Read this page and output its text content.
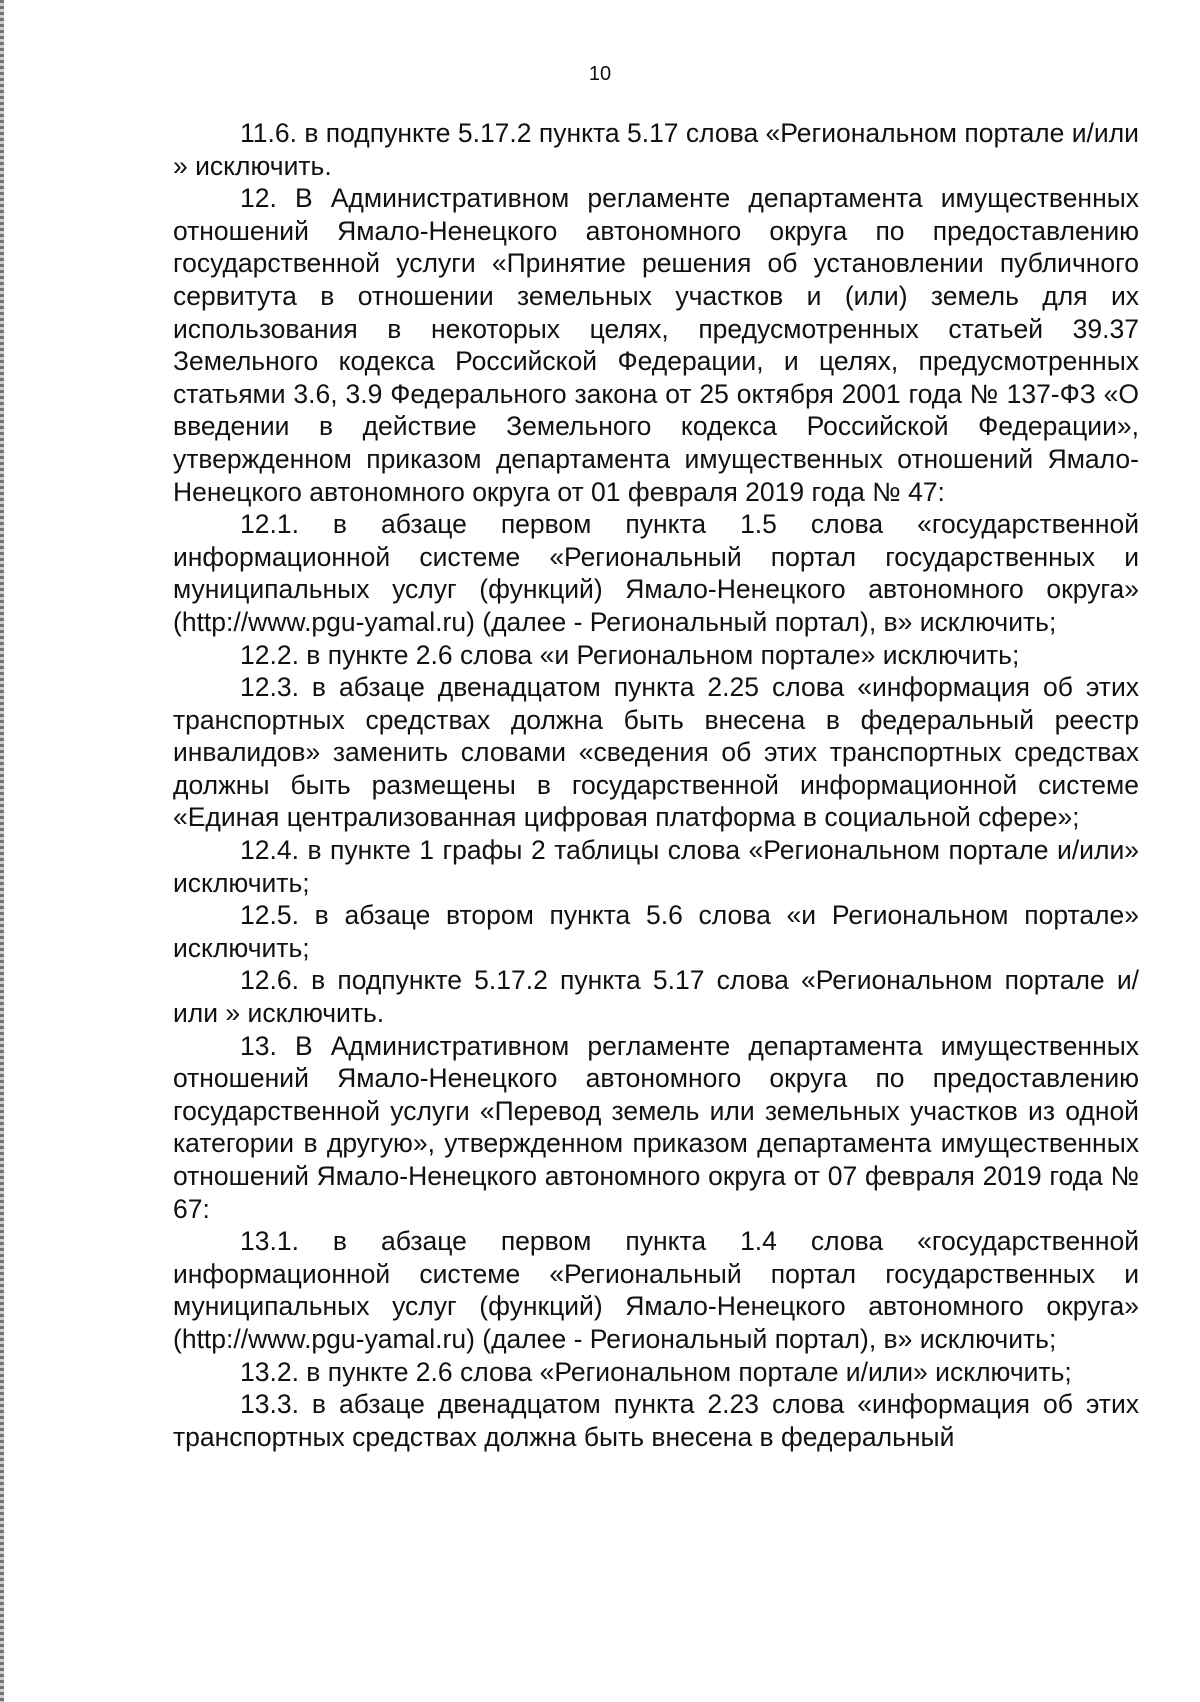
10

11.6. в подпункте 5.17.2 пункта 5.17 слова «Региональном портале и/или » исключить.

12. В Административном регламенте департамента имущественных отношений Ямало-Ненецкого автономного округа по предоставлению государственной услуги «Принятие решения об установлении публичного сервитута в отношении земельных участков и (или) земель для их использования в некоторых целях, предусмотренных статьей 39.37 Земельного кодекса Российской Федерации, и целях, предусмотренных статьями 3.6, 3.9 Федерального закона от 25 октября 2001 года № 137-ФЗ «О введении в действие Земельного кодекса Российской Федерации», утвержденном приказом департамента имущественных отношений Ямало-Ненецкого автономного округа от 01 февраля 2019 года № 47:

12.1. в абзаце первом пункта 1.5 слова «государственной информационной системе «Региональный портал государственных и муниципальных услуг (функций) Ямало-Ненецкого автономного округа» (http://www.pgu-yamal.ru) (далее - Региональный портал), в» исключить;

12.2. в пункте 2.6 слова «и Региональном портале» исключить;

12.3. в абзаце двенадцатом пункта 2.25 слова «информация об этих транспортных средствах должна быть внесена в федеральный реестр инвалидов» заменить словами «сведения об этих транспортных средствах должны быть размещены в государственной информационной системе «Единая централизованная цифровая платформа в социальной сфере»;

12.4. в пункте 1 графы 2 таблицы слова «Региональном портале и/или» исключить;

12.5. в абзаце втором пункта 5.6 слова «и Региональном портале» исключить;

12.6. в подпункте 5.17.2 пункта 5.17 слова «Региональном портале и/или » исключить.

13. В Административном регламенте департамента имущественных отношений Ямало-Ненецкого автономного округа по предоставлению государственной услуги «Перевод земель или земельных участков из одной категории в другую», утвержденном приказом департамента имущественных отношений Ямало-Ненецкого автономного округа от 07 февраля 2019 года № 67:

13.1. в абзаце первом пункта 1.4 слова «государственной информационной системе «Региональный портал государственных и муниципальных услуг (функций) Ямало-Ненецкого автономного округа» (http://www.pgu-yamal.ru) (далее - Региональный портал), в» исключить;

13.2. в пункте 2.6 слова «Региональном портале и/или» исключить;

13.3. в абзаце двенадцатом пункта 2.23 слова «информация об этих транспортных средствах должна быть внесена в федеральный
